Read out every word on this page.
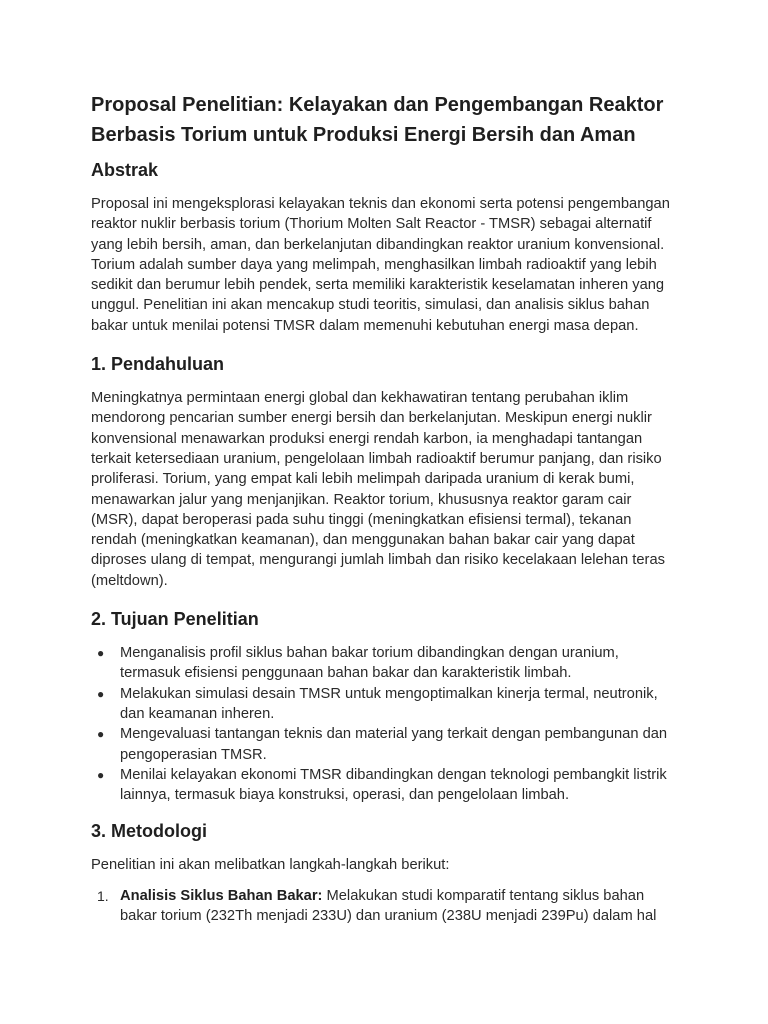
Proposal Penelitian: Kelayakan dan Pengembangan Reaktor Berbasis Torium untuk Produksi Energi Bersih dan Aman
Abstrak

Proposal ini mengeksplorasi kelayakan teknis dan ekonomi serta potensi pengembangan reaktor nuklir berbasis torium (Thorium Molten Salt Reactor - TMSR) sebagai alternatif yang lebih bersih, aman, dan berkelanjutan dibandingkan reaktor uranium konvensional. Torium adalah sumber daya yang melimpah, menghasilkan limbah radioaktif yang lebih sedikit dan berumur lebih pendek, serta memiliki karakteristik keselamatan inheren yang unggul. Penelitian ini akan mencakup studi teoritis, simulasi, dan analisis siklus bahan bakar untuk menilai potensi TMSR dalam memenuhi kebutuhan energi masa depan.

1. Pendahuluan

Meningkatnya permintaan energi global dan kekhawatiran tentang perubahan iklim mendorong pencarian sumber energi bersih dan berkelanjutan. Meskipun energi nuklir konvensional menawarkan produksi energi rendah karbon, ia menghadapi tantangan terkait ketersediaan uranium, pengelolaan limbah radioaktif berumur panjang, dan risiko proliferasi. Torium, yang empat kali lebih melimpah daripada uranium di kerak bumi, menawarkan jalur yang menjanjikan. Reaktor torium, khususnya reaktor garam cair (MSR), dapat beroperasi pada suhu tinggi (meningkatkan efisiensi termal), tekanan rendah (meningkatkan keamanan), dan menggunakan bahan bakar cair yang dapat diproses ulang di tempat, mengurangi jumlah limbah dan risiko kecelakaan lelehan teras (meltdown).

2. Tujuan Penelitian
● Menganalisis profil siklus bahan bakar torium dibandingkan dengan uranium, termasuk efisiensi penggunaan bahan bakar dan karakteristik limbah.
● Melakukan simulasi desain TMSR untuk mengoptimalkan kinerja termal, neutronik, dan keamanan inheren.
● Mengevaluasi tantangan teknis dan material yang terkait dengan pembangunan dan pengoperasian TMSR.
● Menilai kelayakan ekonomi TMSR dibandingkan dengan teknologi pembangkit listrik lainnya, termasuk biaya konstruksi, operasi, dan pengelolaan limbah.
3. Metodologi

Penelitian ini akan melibatkan langkah-langkah berikut:

1. Analisis Siklus Bahan Bakar: Melakukan studi komparatif tentang siklus bahan bakar torium (232Th menjadi 233U) dan uranium (238U menjadi 239Pu) dalam hal
